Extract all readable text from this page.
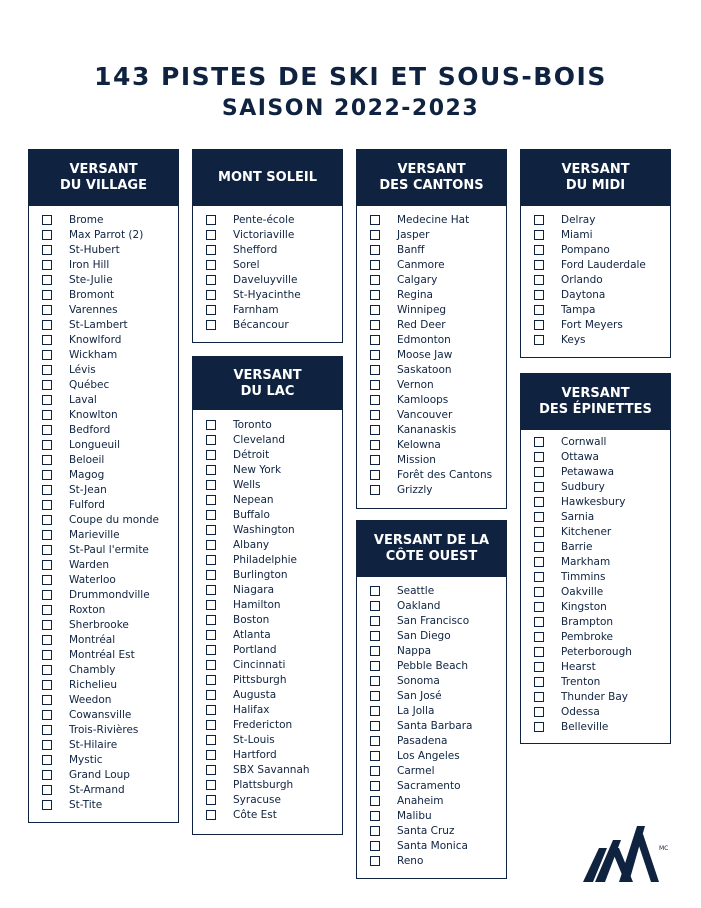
143 PISTES DE SKI ET SOUS-BOIS
SAISON 2022-2023
VERSANT
DU VILLAGE
Brome
Max Parrot (2)
St-Hubert
Iron Hill
Ste-Julie
Bromont
Varennes
St-Lambert
Knowlford
Wickham
Lévis
Québec
Laval
Knowlton
Bedford
Longueuil
Beloeil
Magog
St-Jean
Fulford
Coupe du monde
Marieville
St-Paul l'ermite
Warden
Waterloo
Drummondville
Roxton
Sherbrooke
Montréal
Montréal Est
Chambly
Richelieu
Weedon
Cowansville
Trois-Rivières
St-Hilaire
Mystic
Grand Loup
St-Armand
St-Tite
MONT SOLEIL
Pente-école
Victoriaville
Shefford
Sorel
Daveluyville
St-Hyacinthe
Farnham
Bécancour
VERSANT
DU LAC
Toronto
Cleveland
Détroit
New York
Wells
Nepean
Buffalo
Washington
Albany
Philadelphie
Burlington
Niagara
Hamilton
Boston
Atlanta
Portland
Cincinnati
Pittsburgh
Augusta
Halifax
Fredericton
St-Louis
Hartford
SBX Savannah
Plattsburgh
Syracuse
Côte Est
VERSANT
DES CANTONS
Medecine Hat
Jasper
Banff
Canmore
Calgary
Regina
Winnipeg
Red Deer
Edmonton
Moose Jaw
Saskatoon
Vernon
Kamloops
Vancouver
Kananaskis
Kelowna
Mission
Forêt des Cantons
Grizzly
VERSANT DE LA
CÔTE OUEST
Seattle
Oakland
San Francisco
San Diego
Nappa
Pebble Beach
Sonoma
San José
La Jolla
Santa Barbara
Pasadena
Los Angeles
Carmel
Sacramento
Anaheim
Malibu
Santa Cruz
Santa Monica
Reno
VERSANT
DU MIDI
Delray
Miami
Pompano
Ford Lauderdale
Orlando
Daytona
Tampa
Fort Meyers
Keys
VERSANT
DES ÉPINETTES
Cornwall
Ottawa
Petawawa
Sudbury
Hawkesbury
Sarnia
Kitchener
Barrie
Markham
Timmins
Oakville
Kingston
Brampton
Pembroke
Peterborough
Hearst
Trenton
Thunder Bay
Odessa
Belleville
MC
